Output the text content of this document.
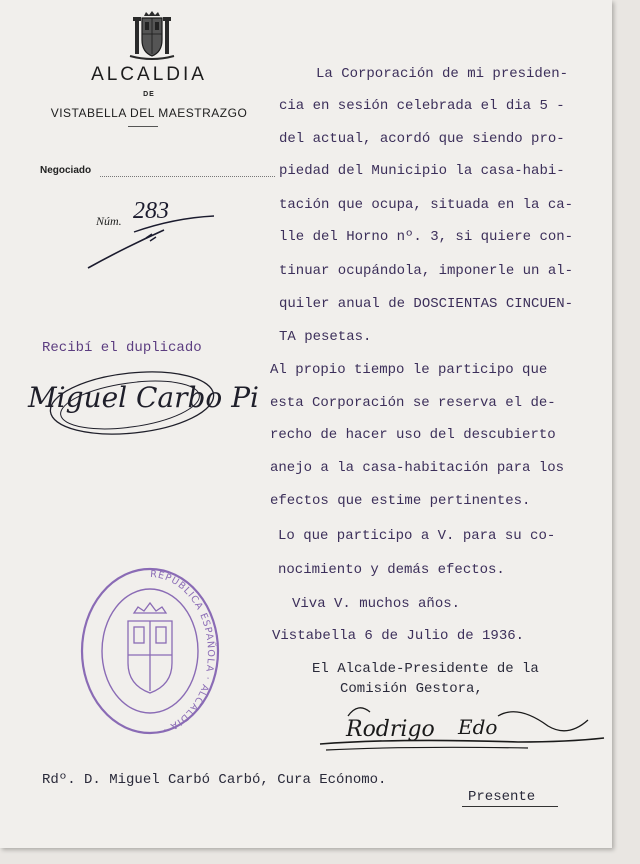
ALCALDIA
DE
VISTABELLA DEL MAESTRAZGO
Negociado
Núm. 283
Recibí el duplicado
Miguel Carbo Pi
La Corporación de mi presiden-
cia en sesión celebrada el dia 5 -
del actual, acordó que siendo pro-
piedad del Municipio la casa-habi-
tación que ocupa, situada en la ca-
lle del Horno nº. 3, si quiere con-
tinuar ocupándola, imponerle un al-
quiler anual de DOSCIENTAS CINCUEN-
TA pesetas.
Al propio tiempo le participo que
esta Corporación se reserva el de-
recho de hacer uso del descubierto
anejo a la casa-habitación para los
efectos que estime pertinentes.
Lo que participo a V. para su co-
nocimiento y demás efectos.
Viva V. muchos años.
Vistabella 6 de Julio de 1936.
El Alcalde-Presidente de la
Comisión Gestora,
REPUBLICA ESPAÑOLA · ALCALDIA ·	Rodrigo Edo
Rdº. D. Miguel Carbó Carbó, Cura Ecónomo.
Presente
